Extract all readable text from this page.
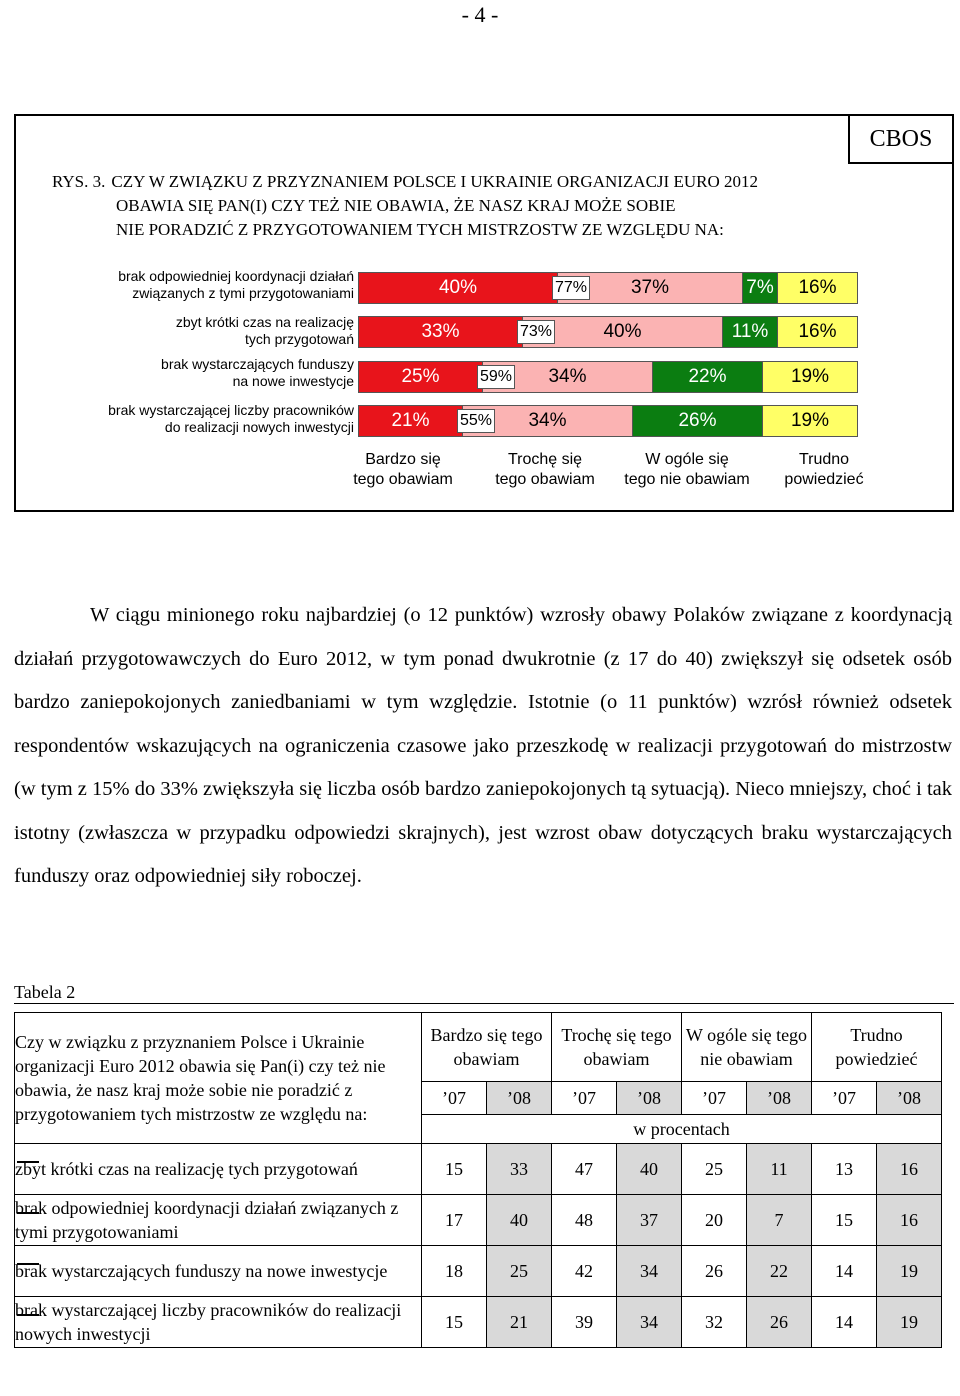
- 4 -
CBOS
RYS. 3. CZY W ZWIĄZKU Z PRZYZNANIEM POLSCE I UKRAINIE ORGANIZACJI EURO 2012
OBAWIA SIĘ PAN(I) CZY TEŻ NIE OBAWIA, ŻE NASZ KRAJ MOŻE SOBIE
NIE PORADZIĆ Z PRZYGOTOWANIEM TYCH MISTRZOSTW ZE WZGLĘDU NA:
brak odpowiedniej koordynacji działań
związanych z tymi przygotowaniami
zbyt krótki czas na realizację
tych przygotowań
brak wystarczających funduszy
na nowe inwestycje
brak wystarczającej liczby pracowników
do realizacji nowych inwestycji
40%	37%	7%	16%
77%
33%	40%	11%	16%
73%
25%	34%	22%	19%
59%
21%	34%	26%	19%
55%
Bardzo się
tego obawiam
Trochę się
tego obawiam
W ogóle się
tego nie obawiam
Trudno
powiedzieć

W ciągu minionego roku najbardziej (o 12 punktów) wzrosły obawy Polaków związane z koordynacją działań przygotowawczych do Euro 2012, w tym ponad dwukrotnie (z 17 do 40) zwiększył się odsetek osób bardzo zaniepokojonych zaniedbaniami w tym względzie. Istotnie (o 11 punktów) wzrósł również odsetek respondentów wskazujących na ograniczenia czasowe jako przeszkodę w realizacji przygotowań do mistrzostw (w tym z 15% do 33% zwiększyła się liczba osób bardzo zaniepokojonych tą sytuacją). Nieco mniejszy, choć i tak istotny (zwłaszcza w przypadku odpowiedzi skrajnych), jest wzrost obaw dotyczących braku wystarczających funduszy oraz odpowiedniej siły roboczej.

Tabela 2
Czy w związku z przyznaniem Polsce i Ukrainie organizacji Euro 2012 obawia się Pan(i) czy też nie obawia, że nasz kraj może sobie nie poradzić z przygotowaniem tych mistrzostw ze względu na:	Bardzo się tego obawiam		Trochę się tego obawiam		W ogóle się tego nie obawiam		Trudno powiedzieć	
	’07	’08	’07	’08	’07	’08	’07	’08
	w procentach							
zbyt krótki czas na realizację tych przygotowań	15	33	47	40	25	11	13	16
brak odpowiedniej koordynacji działań związanych z tymi przygotowaniami	17	40	48	37	20	7	15	16
brak wystarczających funduszy na nowe inwestycje	18	25	42	34	26	22	14	19
brak wystarczającej liczby pracowników do realizacji nowych inwestycji	15	21	39	34	32	26	14	19
